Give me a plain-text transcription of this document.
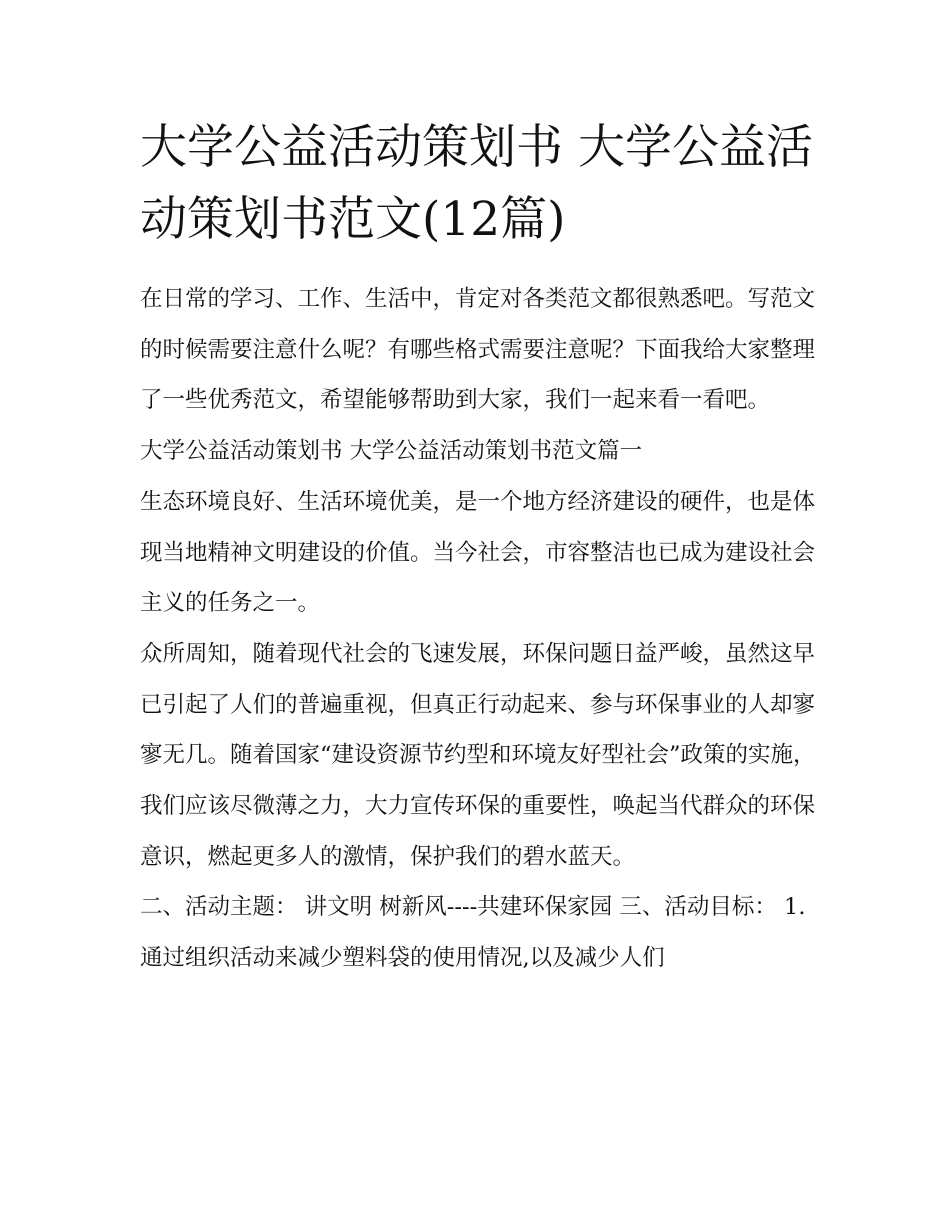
大学公益活动策划书 大学公益活动策划书范文(12篇)

在日常的学习、工作、生活中，肯定对各类范文都很熟悉吧。写范文的时候需要注意什么呢？有哪些格式需要注意呢？下面我给大家整理了一些优秀范文，希望能够帮助到大家，我们一起来看一看吧。

大学公益活动策划书 大学公益活动策划书范文篇一

生态环境良好、生活环境优美，是一个地方经济建设的硬件，也是体现当地精神文明建设的价值。当今社会，市容整洁也已成为建设社会主义的任务之一。

众所周知，随着现代社会的飞速发展，环保问题日益严峻，虽然这早已引起了人们的普遍重视，但真正行动起来、参与环保事业的人却寥寥无几。随着国家“建设资源节约型和环境友好型社会”政策的实施，我们应该尽微薄之力，大力宣传环保的重要性，唤起当代群众的环保意识，燃起更多人的激情，保护我们的碧水蓝天。

二、活动主题： 讲文明 树新风----共建环保家园 三、活动目标： 1.通过组织活动来减少塑料袋的使用情况,以及减少人们
